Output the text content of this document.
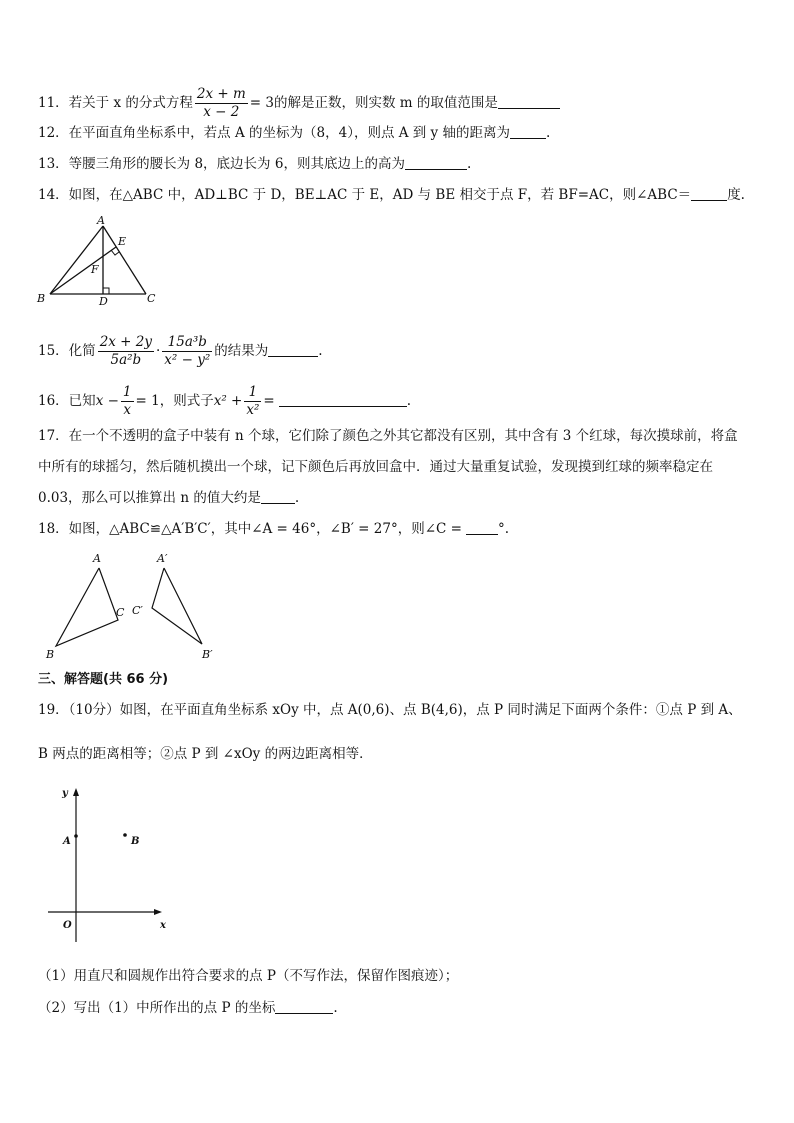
11．若关于 x 的分式方程 $\frac{2x + m}{x - 2} = 3$的解是正数，则实数 m 的取值范围是
12．在平面直角坐标系中，若点 A 的坐标为（8，4），则点 A 到 y 轴的距离为	.
13．等腰三角形的腰长为 8，底边长为 6，则其底边上的高为	.
14．如图，在△ABC 中，AD⊥BC 于 D，BE⊥AC 于 E，AD 与 BE 相交于点 F，若 BF=AC，则∠ABC＝	度.
A
B	C
D
E
F
15．化简 $\frac{2x + 2y}{\text{5a²b}} \cdot \frac{\text{15a³b}}{\text{x² − y²}}$ 的结果为	.
16．已知$x - \frac{1}{x} = 1$，则式子$x^2 + \frac{1}{\text{x²}}$ =	.
17．在一个不透明的盒子中装有 n 个球，它们除了颜色之外其它都没有区别，其中含有 3 个红球，每次摸球前，将盒
中所有的球摇匀，然后随机摸出一个球，记下颜色后再放回盒中．通过大量重复试验，发现摸到红球的频率稳定在
0.03，那么可以推算出 n 的值大约是	.
18．如图，△ABC≌△A′B′C′，其中∠A = 46°，∠B′ = 27°，则∠C =	°.
A
B
C
A′
B′
C′
三、解答题(共 66 分)
19．（10分）如图，在平面直角坐标系 xOy 中，点 A(0,6)、点 B(4,6)，点 P 同时满足下面两个条件：①点 P 到 A、
B 两点的距离相等；②点 P 到 ∠xOy 的两边距离相等．
y
x
O
A	B
（1）用直尺和圆规作出符合要求的点 P（不写作法，保留作图痕迹）；
（2）写出（1）中所作出的点 P 的坐标	.
